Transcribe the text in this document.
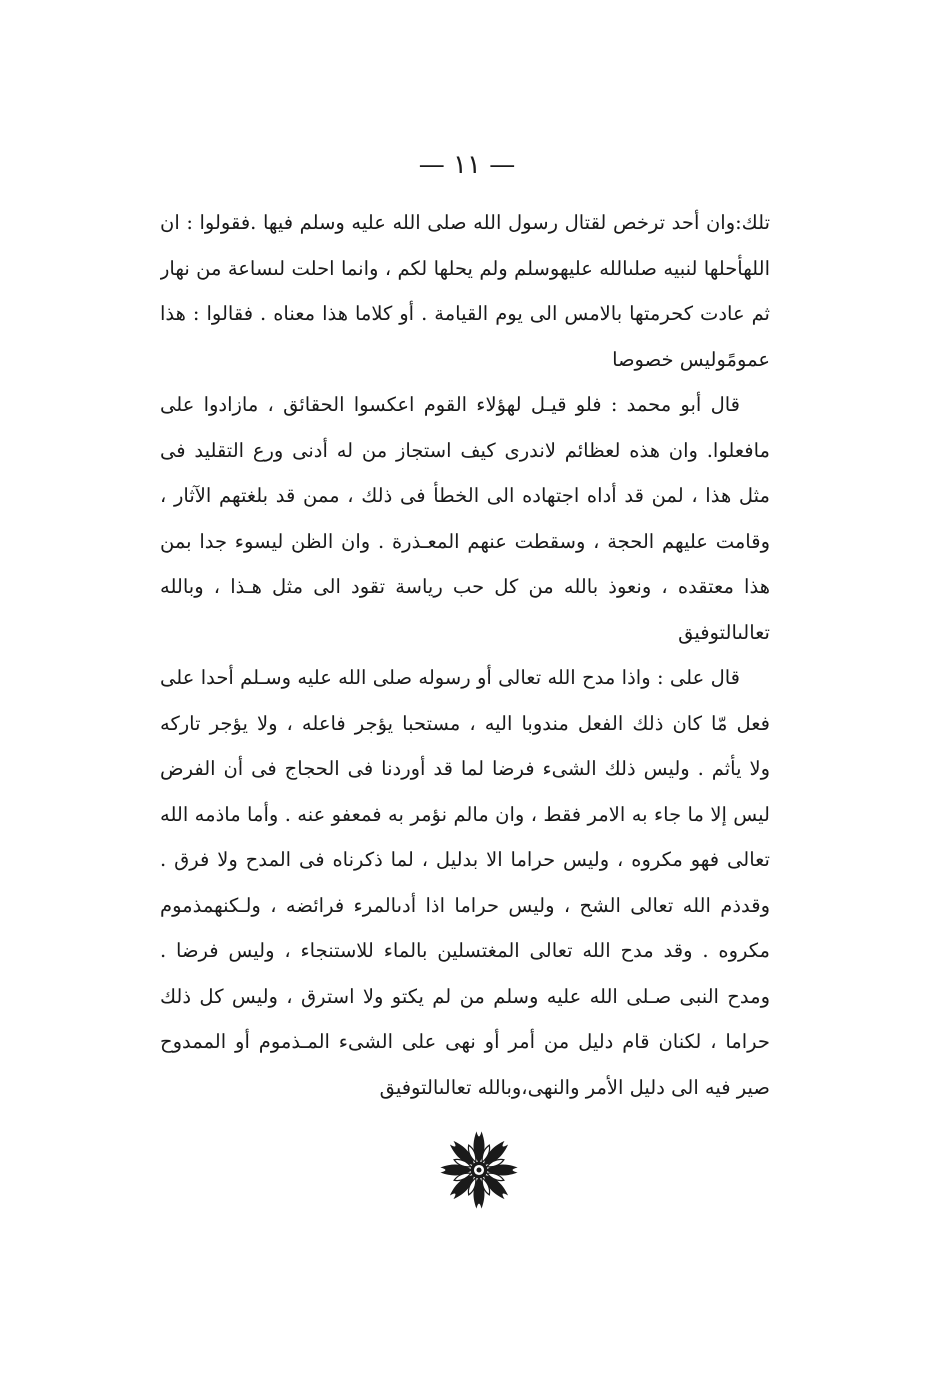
— ١١ —
تلك:وان أحد ترخص لقتال رسول الله صلى الله عليه وسلم فيها .فقولوا : ان
اللهأحلها لنبيه صلىالله عليهوسلم ولم يحلها لكم ، وانما احلت لىساعة من نهار
ثم عادت كحرمتها بالامس الى يوم القيامة . أو كلاما هذا معناه . فقالوا : هذا
عمومًوليس خصوصا
قال أبو محمد : فلو قيـل لهؤلاء القوم اعكسوا الحقائق ، مازادوا على
مافعلوا. وان هذه لعظائم لاندرى كيف استجاز من له أدنى ورع التقليد فى
مثل هذا ، لمن قد أداه اجتهاده الى الخطأ فى ذلك ، ممن قد بلغتهم الآثار ،
وقامت عليهم الحجة ، وسقطت عنهم المعـذرة . وان الظن ليسوء جدا بمن
هذا معتقده ، ونعوذ بالله من كل حب رياسة تقود الى مثل هـذا ، وبالله
تعالىالتوفيق
قال على : واذا مدح الله تعالى أو رسوله صلى الله عليه وسـلم أحدا على
فعل مّا كان ذلك الفعل مندوبا اليه ، مستحبا يؤجر فاعله ، ولا يؤجر تاركه
ولا يأثم . وليس ذلك الشىء فرضا لما قد أوردنا فى الحجاج فى أن الفرض
ليس إلا ما جاء به الامر فقط ، وان مالم نؤمر به فمعفو عنه . وأما ماذمه الله
تعالى فهو مكروه ، وليس حراما الا بدليل ، لما ذكرناه فى المدح ولا فرق .
وقدذم الله تعالى الشح ، وليس حراما اذا أدىالمرء فرائضه ، ولـكنهمذموم
مكروه . وقد مدح الله تعالى المغتسلين بالماء للاستنجاء ، وليس فرضا .
ومدح النبى صـلى الله عليه وسلم من لم يكتو ولا استرق ، وليس كل ذلك
حراما ، لكنان قام دليل من أمر أو نهى على الشىء المـذموم أو الممدوح
صير فيه الى دليل الأمر والنهى،وبالله تعالىالتوفيق
